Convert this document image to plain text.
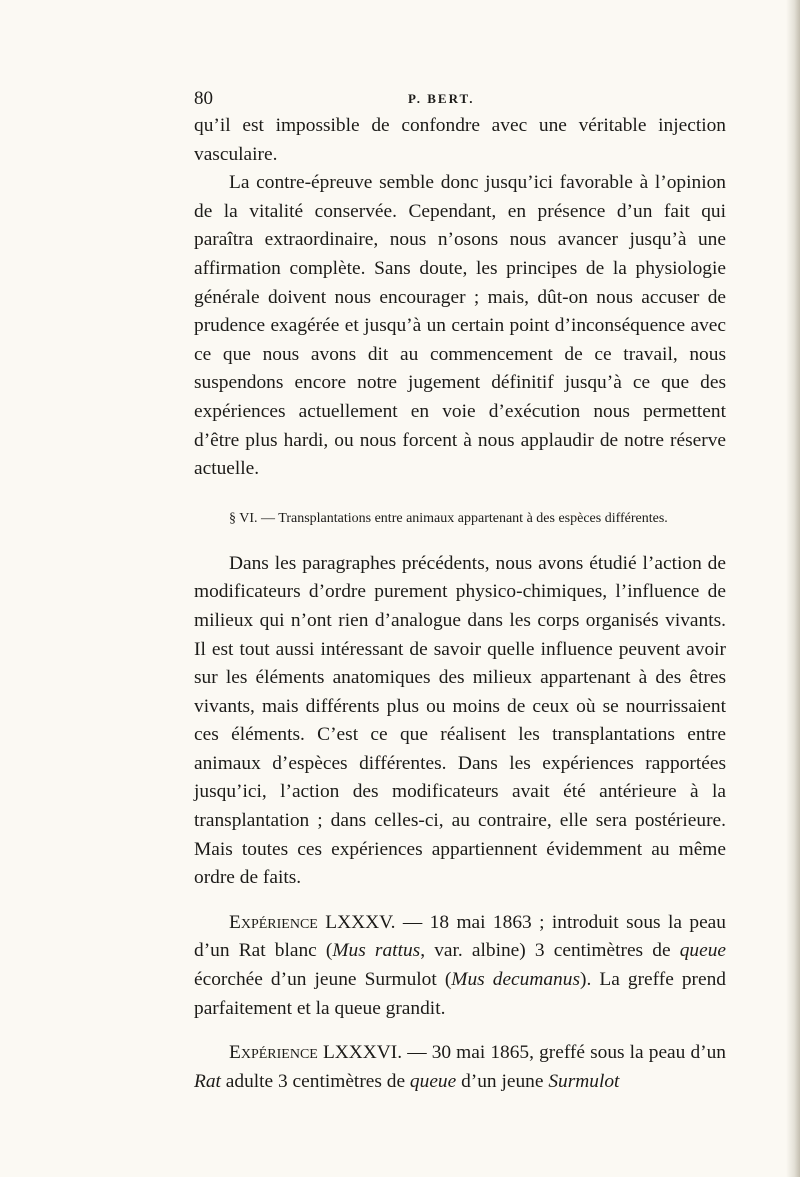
80	P. BERT.

qu’il est impossible de confondre avec une véritable injection vasculaire.

La contre-épreuve semble donc jusqu’ici favorable à l’opinion de la vitalité conservée. Cependant, en présence d’un fait qui paraîtra extraordinaire, nous n’osons nous avancer jusqu’à une affirmation complète. Sans doute, les principes de la physiologie générale doivent nous encourager ; mais, dût-on nous accuser de prudence exagérée et jusqu’à un certain point d’inconséquence avec ce que nous avons dit au commencement de ce travail, nous suspendons encore notre jugement définitif jusqu’à ce que des expériences actuellement en voie d’exécution nous permettent d’être plus hardi, ou nous forcent à nous applaudir de notre réserve actuelle.

§ VI. — Transplantations entre animaux appartenant à des espèces différentes.

Dans les paragraphes précédents, nous avons étudié l’action de modificateurs d’ordre purement physico-chimiques, l’influence de milieux qui n’ont rien d’analogue dans les corps organisés vivants. Il est tout aussi intéressant de savoir quelle influence peuvent avoir sur les éléments anatomiques des milieux appartenant à des êtres vivants, mais différents plus ou moins de ceux où se nourrissaient ces éléments. C’est ce que réalisent les transplantations entre animaux d’espèces différentes. Dans les expériences rapportées jusqu’ici, l’action des modificateurs avait été antérieure à la transplantation ; dans celles-ci, au contraire, elle sera postérieure. Mais toutes ces expériences appartiennent évidemment au même ordre de faits.

Expérience LXXXV. — 18 mai 1863 ; introduit sous la peau d’un Rat blanc (Mus rattus, var. albine) 3 centimètres de queue écorchée d’un jeune Surmulot (Mus decumanus). La greffe prend parfaitement et la queue grandit.

Expérience LXXXVI. — 30 mai 1865, greffé sous la peau d’un Rat adulte 3 centimètres de queue d’un jeune Surmulot
